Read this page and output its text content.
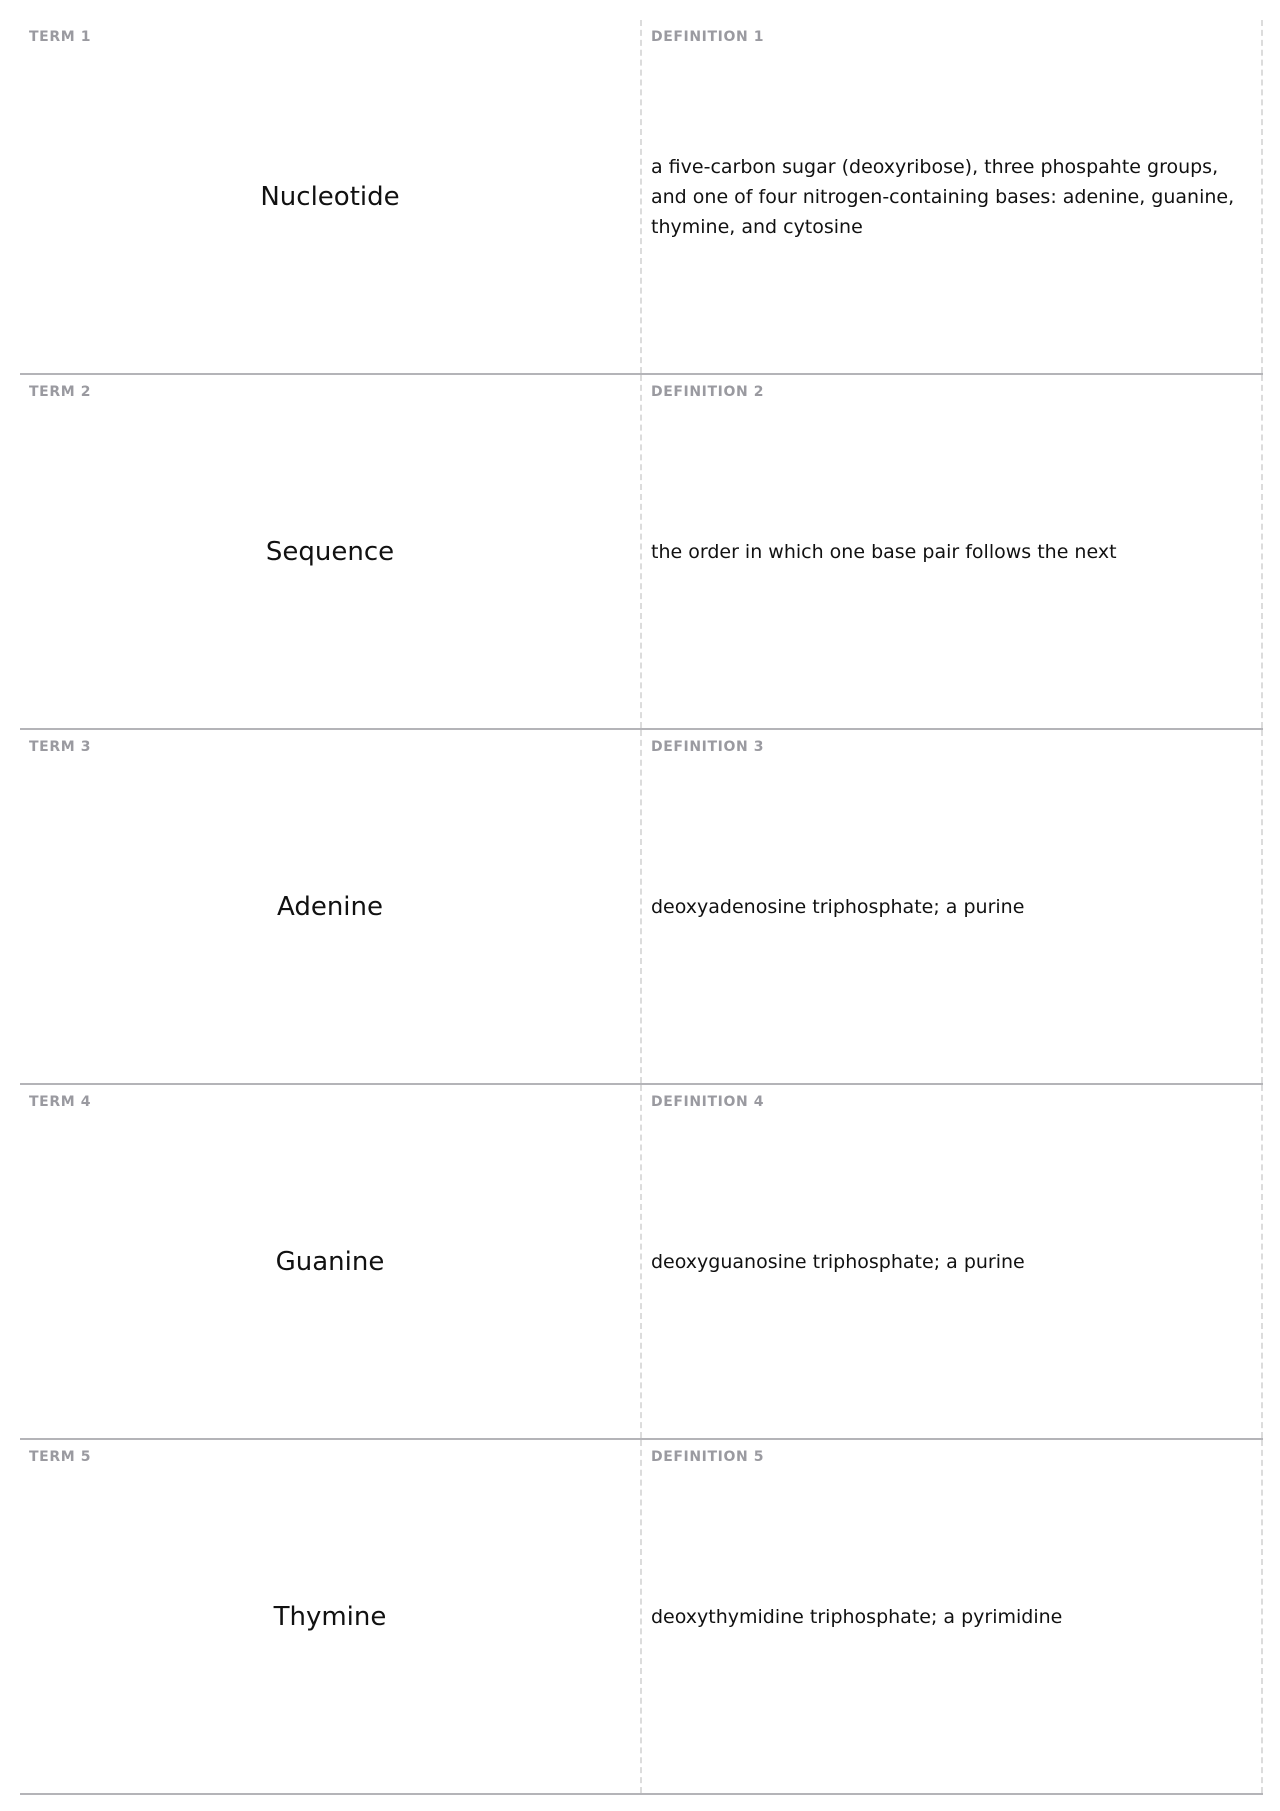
TERM 1
Nucleotide
DEFINITION 1
a five-carbon sugar (deoxyribose), three phospahte groups, and one of four nitrogen-containing bases: adenine, guanine, thymine, and cytosine
TERM 2
Sequence
DEFINITION 2
the order in which one base pair follows the next
TERM 3
Adenine
DEFINITION 3
deoxyadenosine triphosphate; a purine
TERM 4
Guanine
DEFINITION 4
deoxyguanosine triphosphate; a purine
TERM 5
Thymine
DEFINITION 5
deoxythymidine triphosphate; a pyrimidine
